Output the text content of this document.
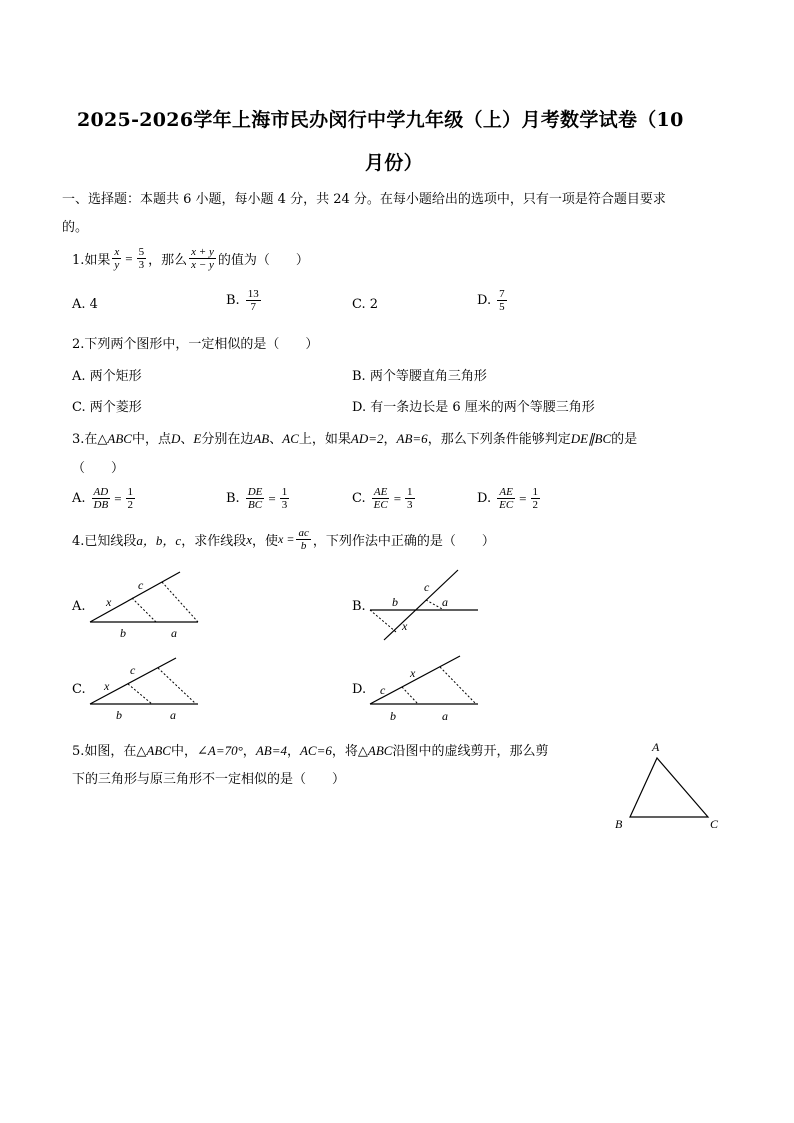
2025-2026学年上海市民办闵行中学九年级（上）月考数学试卷（10
月份）
一、选择题：本题共 6 小题，每小题 4 分，共 24 分。在每小题给出的选项中，只有一项是符合题目要求
的。
1.如果 $\frac{x}{y} = \frac{5}{3}$ ，那么 $\frac{x + y}{x - y}$ 的值为（　　）
A. 4	B. $\frac{13}{7}$	C. 2	D. $\frac{7}{5}$
2.下列两个图形中，一定相似的是（　　）
A. 两个矩形	B. 两个等腰直角三角形
C. 两个菱形	D. 有一条边长是 6 厘米的两个等腰三角形
3.在△ABC中，点D、E分别在边AB、AC上，如果AD=2，AB=6，那么下列条件能够判定DE∥BC的是
（　　）
A. $\frac{AD}{DB} = \frac{1}{2}$	B. $\frac{DE}{BC} = \frac{1}{3}$	C. $\frac{AE}{EC} = \frac{1}{3}$	D. $\frac{AE}{EC} = \frac{1}{2}$
4.已知线段 a，b，c ，求作线段 x ，使 $x = \frac{ac}{b}$ ，下列作法中正确的是（　　）
A.	B.
C.	D.
x
c
b	a
b
c
a
x
x
c
b	a
c
x
b	a
5.如图，在△ABC中，∠A=70°，AB=4，AC=6，将△ABC沿图中的虚线剪开，那么剪
下的三角形与原三角形不一定相似的是（　　）
A
B	C
